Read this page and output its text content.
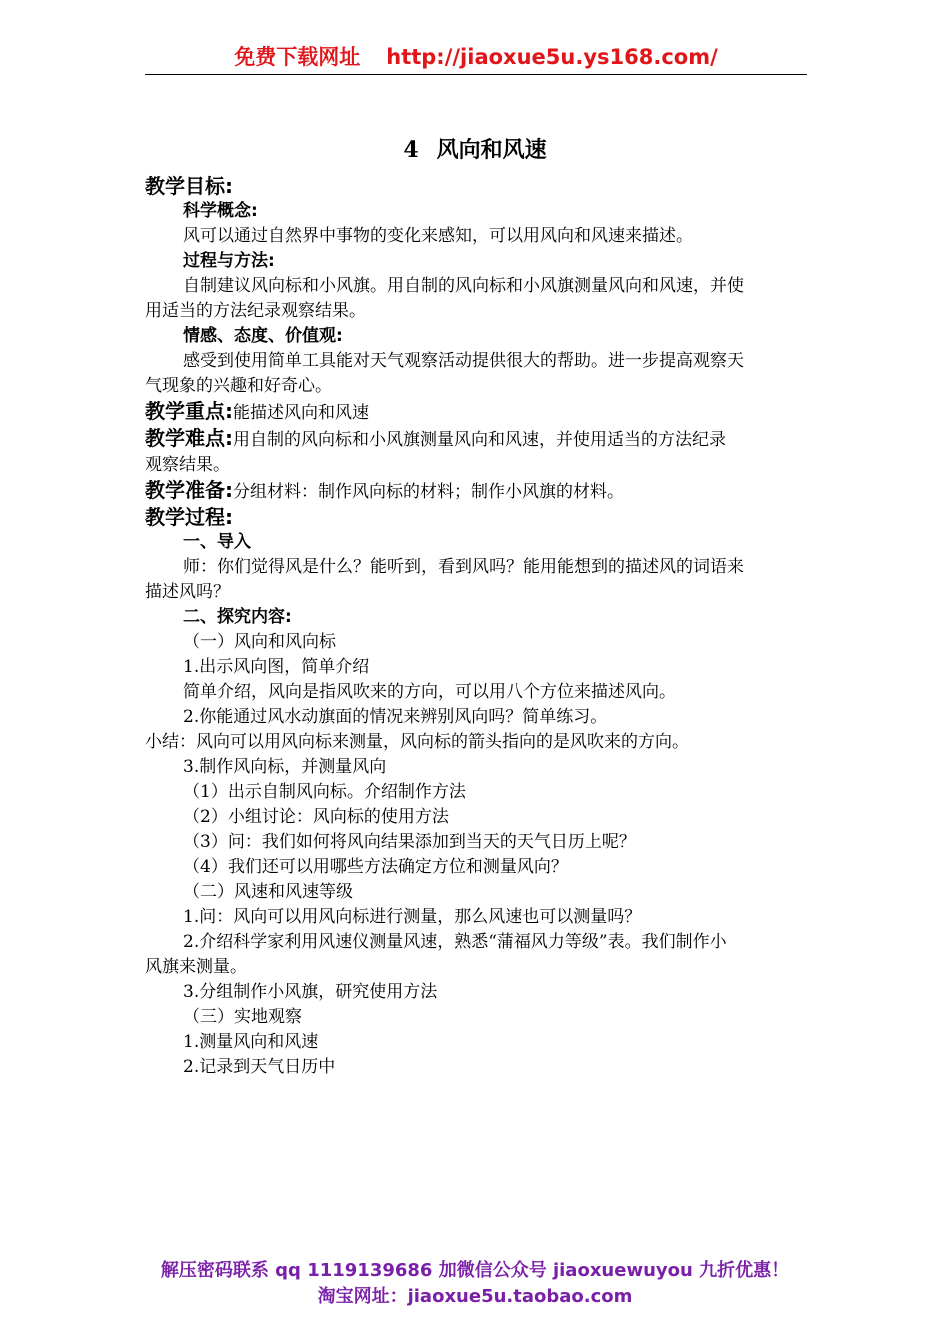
免费下载网址 http://jiaoxue5u.ys168.com/
4 风向和风速
教学目标:
科学概念:
风可以通过自然界中事物的变化来感知，可以用风向和风速来描述。
过程与方法:
自制建议风向标和小风旗。用自制的风向标和小风旗测量风向和风速，并使
用适当的方法纪录观察结果。
情感、态度、价值观:
感受到使用简单工具能对天气观察活动提供很大的帮助。进一步提高观察天
气现象的兴趣和好奇心。
教学重点:能描述风向和风速
教学难点:用自制的风向标和小风旗测量风向和风速，并使用适当的方法纪录
观察结果。
教学准备:分组材料：制作风向标的材料；制作小风旗的材料。
教学过程:
一、导入
师：你们觉得风是什么？能听到，看到风吗？能用能想到的描述风的词语来
描述风吗？
二、探究内容:
（一）风向和风向标
1.出示风向图，简单介绍
简单介绍，风向是指风吹来的方向，可以用八个方位来描述风向。
2.你能通过风水动旗面的情况来辨别风向吗？简单练习。
小结：风向可以用风向标来测量，风向标的箭头指向的是风吹来的方向。
3.制作风向标，并测量风向
（1）出示自制风向标。介绍制作方法
（2）小组讨论：风向标的使用方法
（3）问：我们如何将风向结果添加到当天的天气日历上呢？
（4）我们还可以用哪些方法确定方位和测量风向？
（二）风速和风速等级
1.问：风向可以用风向标进行测量，那么风速也可以测量吗？
2.介绍科学家利用风速仪测量风速，熟悉“蒲福风力等级”表。我们制作小
风旗来测量。
3.分组制作小风旗，研究使用方法
（三）实地观察
1.测量风向和风速
2.记录到天气日历中
解压密码联系 qq 1119139686 加微信公众号 jiaoxuewuyou 九折优惠！
淘宝网址：jiaoxue5u.taobao.com
